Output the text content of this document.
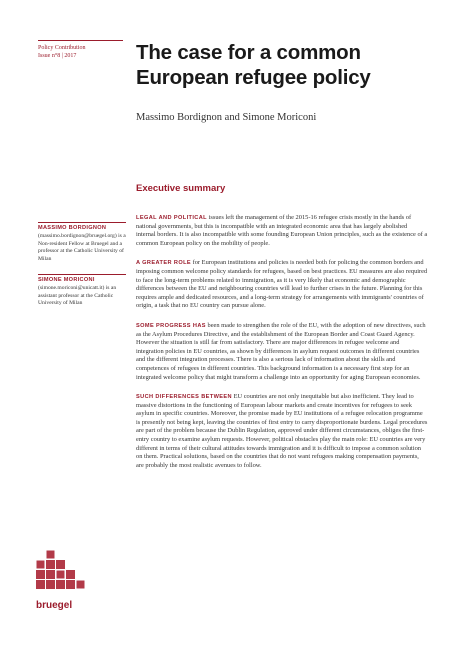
Policy Contribution
Issue n°8 | 2017	The case for a common European refugee policy
Massimo Bordignon and Simone Moriconi
Executive summary
MASSIMO BORDIGNON
(massimo.bordignon@bruegel.org) is a Non-resident Fellow at Bruegel and a professor at the Catholic University of Milan
SIMONE MORICONI
(simone.moriconi@unicatt.it) is an assistant professor at the Catholic University of Milan

LEGAL AND POLITICAL issues left the management of the 2015-16 refugee crisis mostly in the hands of national governments, but this is incompatible with an integrated economic area that has largely abolished internal borders. It is also incompatible with some founding European Union principles, such as the existence of a common European policy on the mobility of people.

A GREATER ROLE for European institutions and policies is needed both for policing the common borders and imposing common welcome policy standards for refugees, based on best practices. EU measures are also required to face the long-term problems related to immigration, as it is very likely that economic and demographic differences between the EU and neighbouring countries will lead to further crises in the future. Planning for this requires ample and dedicated resources, and a long-term strategy for arrangements with immigrants' countries of origin, a task that no EU country can pursue alone.

SOME PROGRESS HAS been made to strengthen the role of the EU, with the adoption of new directives, such as the Asylum Procedures Directive, and the establishment of the European Border and Coast Guard Agency. However the situation is still far from satisfactory. There are major differences in refugee welcome and integration policies in EU countries, as shown by differences in asylum request outcomes in different countries and the different integration processes. There is also a serious lack of information about the skills and competences of refugees in different countries. This background information is a necessary first step for an integrated welcome policy that might transform a challenge into an opportunity for aging European economies.

SUCH DIFFERENCES BETWEEN EU countries are not only inequitable but also inefficient. They lead to massive distortions in the functioning of European labour markets and create incentives for refugees to seek asylum in specific countries. Moreover, the promise made by EU institutions of a refugee relocation programme is presently not being kept, leaving the countries of first entry to carry disproportionate burdens. Legal procedures are part of the problem because the Dublin Regulation, approved under different circumstances, obliges the first-entry country to examine asylum requests. However, political obstacles play the main role: EU countries are very different in terms of their cultural attitudes towards immigration and it is difficult to impose a common solution on them. Practical solutions, based on the countries that do not want refugees making compensation payments, are probably the most realistic avenues to follow.

bruegel
